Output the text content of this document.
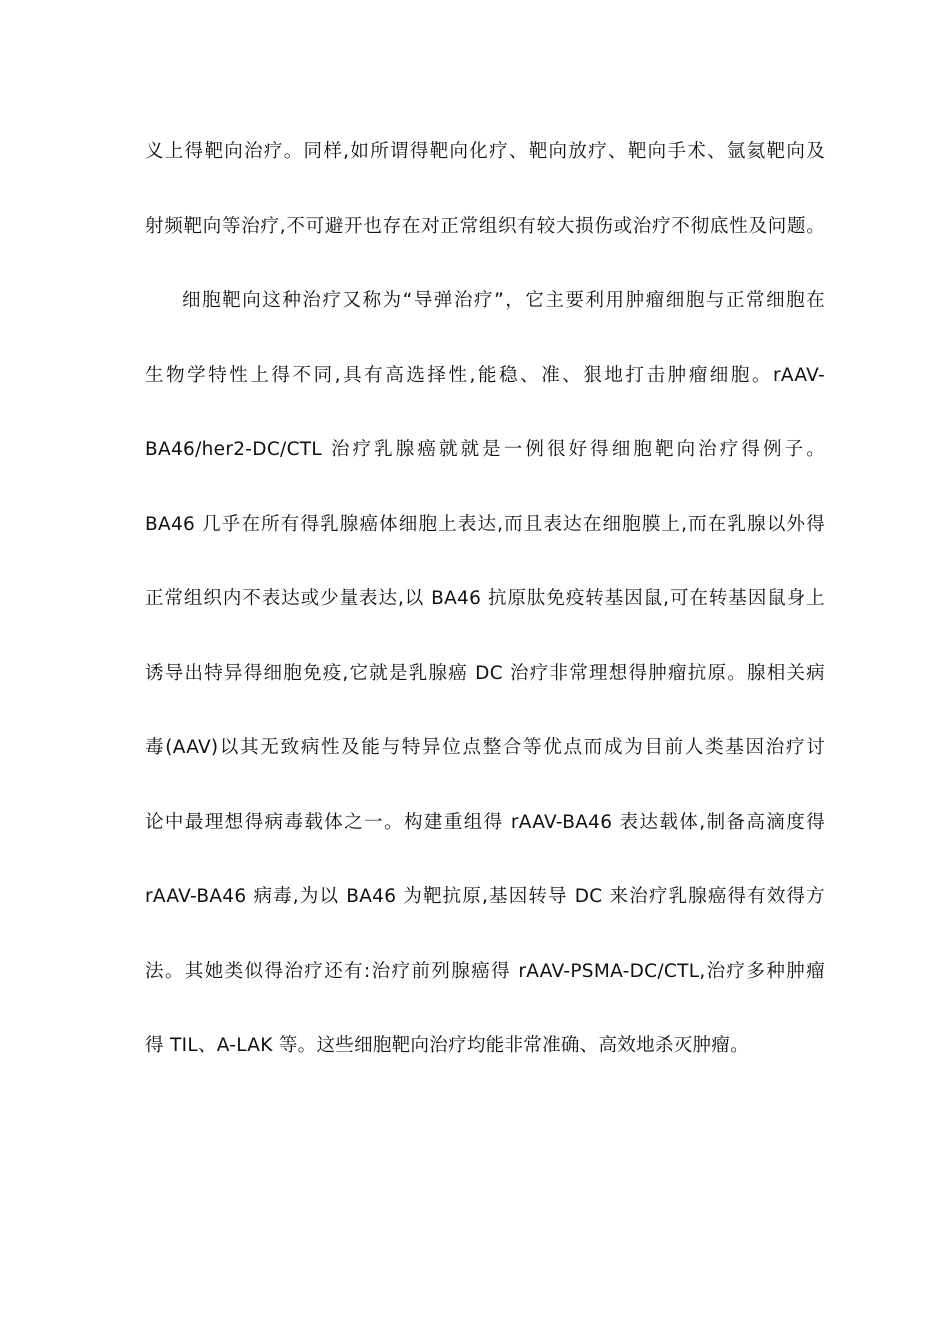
义上得靶向治疗。同样,如所谓得靶向化疗、靶向放疗、靶向手术、氩氦靶向及
射频靶向等治疗,不可避开也存在对正常组织有较大损伤或治疗不彻底性及问题。
细胞靶向这种治疗又称为“导弹治疗”，它主要利用肿瘤细胞与正常细胞在
生物学特性上得不同,具有高选择性,能稳、准、狠地打击肿瘤细胞。rAAV-
BA46/her2-DC/CTL 治疗乳腺癌就就是一例很好得细胞靶向治疗得例子。
BA46 几乎在所有得乳腺癌体细胞上表达,而且表达在细胞膜上,而在乳腺以外得
正常组织内不表达或少量表达,以 BA46 抗原肽免疫转基因鼠,可在转基因鼠身上
诱导出特异得细胞免疫,它就是乳腺癌 DC 治疗非常理想得肿瘤抗原。腺相关病
毒(AAV)以其无致病性及能与特异位点整合等优点而成为目前人类基因治疗讨
论中最理想得病毒载体之一。构建重组得 rAAV-BA46 表达载体,制备高滴度得
rAAV-BA46 病毒,为以 BA46 为靶抗原,基因转导 DC 来治疗乳腺癌得有效得方
法。其她类似得治疗还有:治疗前列腺癌得 rAAV-PSMA-DC/CTL,治疗多种肿瘤
得 TIL、A-LAK 等。这些细胞靶向治疗均能非常准确、高效地杀灭肿瘤。
